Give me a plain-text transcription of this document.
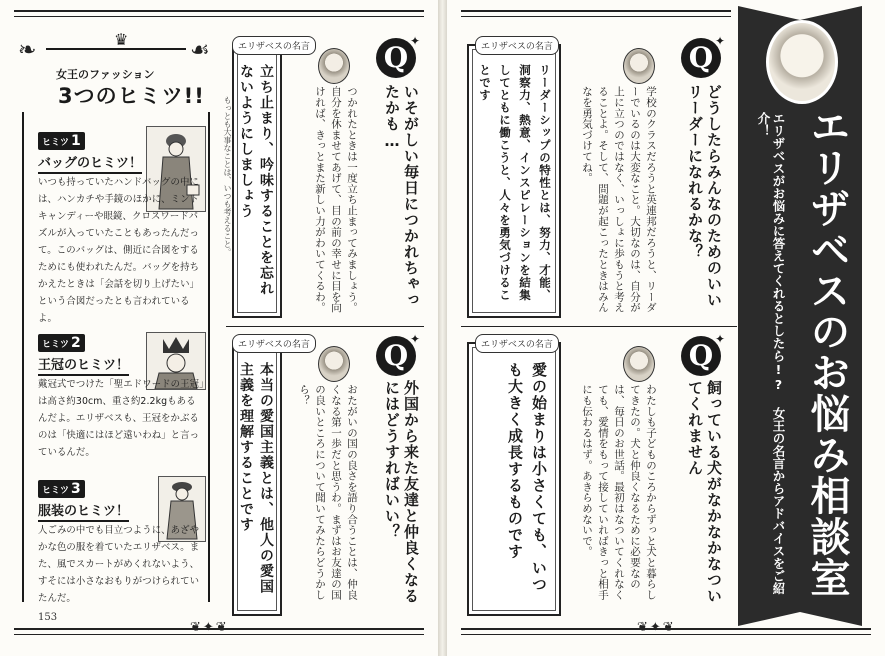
❦✦❦
153
❧	☙
♛
女王のファッション
3つのヒミツ!!
ヒミツ 1
バッグのヒミツ！
いつも持っていたハンドバッグの中には、ハンカチや手鏡のほかに、ミントキャンディーや眼鏡、クロスワードパズルが入っていたこともあったんだって。このバッグは、側近に合図をするためにも使われたんだ。バッグを持ちかえたときは「会話を切り上げたい」という合図だったとも言われているよ。
ヒミツ 2
王冠のヒミツ！
戴冠式でつけた「聖エドワードの王冠」は高さ約30cm、重さ約2.2kgもあるんだよ。エリザベスも、王冠をかぶるのは「快適にはほど遠いわね」と言っているんだ。
ヒミツ 3
服装のヒミツ！
人ごみの中でも目立つように、あざやかな色の服を着ていたエリザベス。また、風でスカートがめくれないよう、すそには小さなおもりがつけられていたんだ。
Q ✦
いそがしい毎日につかれちゃったかも…
つかれたときは一度立ち止まってみましょう。自分を休ませてあげて、目の前の幸せに目を向ければ、きっとまた新しい力がわいてくるわ。
エリザベスの名言
立ち止まり、吟味することを忘れないようにしましょう
もっとも大事なことは、いつも考えること。
Q ✦
外国から来た友達と仲良くなるにはどうすればいい？
おたがいの国の良さを語り合うことは、仲良くなる第一歩だと思うわ。まずはお友達の国の良いところについて聞いてみたらどうかしら？
エリザベスの名言
本当の愛国主義とは、他人の愛国主義を理解することです
❦✦❦
Q ✦
どうしたらみんなのためのいいリーダーになれるかな？
学校のクラスだろうと英連邦だろうと、リーダーでいるのは大変なこと。大切なのは、自分が上に立つのではなく、いっしょに歩もうと考えることよ。そして、問題が起こったときはみんなを勇気づけてね。
エリザベスの名言
リーダーシップの特性とは、努力、才能、洞察力、熱意、インスピレーションを結集してともに働こうと、人々を勇気づけることです
Q ✦
飼っている犬がなかなかなついてくれません
わたしも子どものころからずっと犬と暮らしてきたの。犬と仲良くなるために必要なのは、毎日のお世話。最初はなついてくれなくても、愛情をもって接していればきっと相手にも伝わるはず。あきらめないで。
エリザベスの名言
愛の始まりは小さくても、いつも大きく成長するものです	エリザベスのお悩み相談室
エリザベスがお悩みに答えてくれるとしたら!? 女王の名言からアドバイスをご紹介！
